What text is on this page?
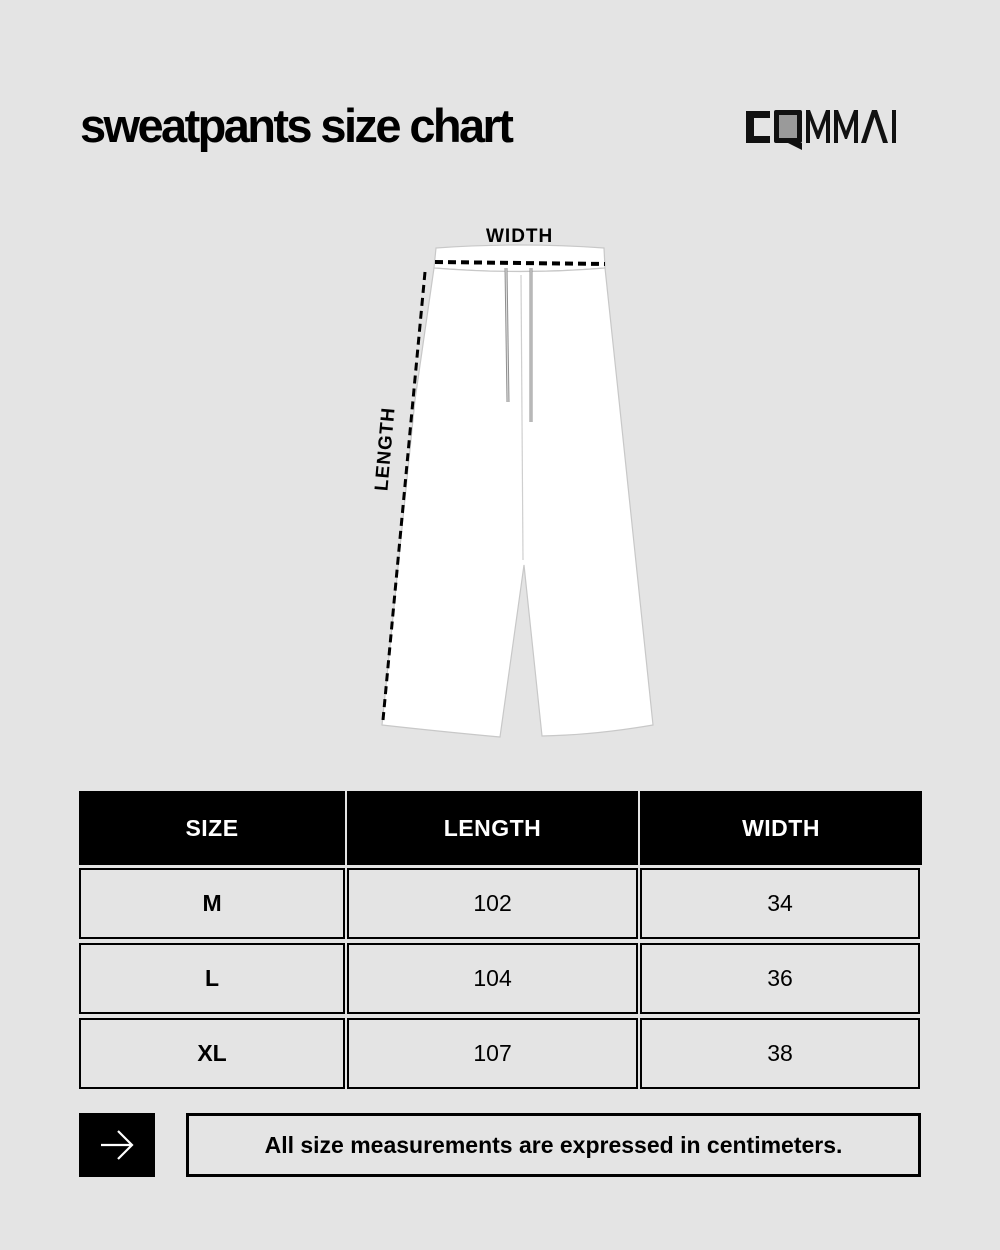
sweatpants size chart
WIDTH
LENGTH
SIZE	LENGTH	WIDTH
M	102	34
L	104	36
XL	107	38
All size measurements are expressed in centimeters.
